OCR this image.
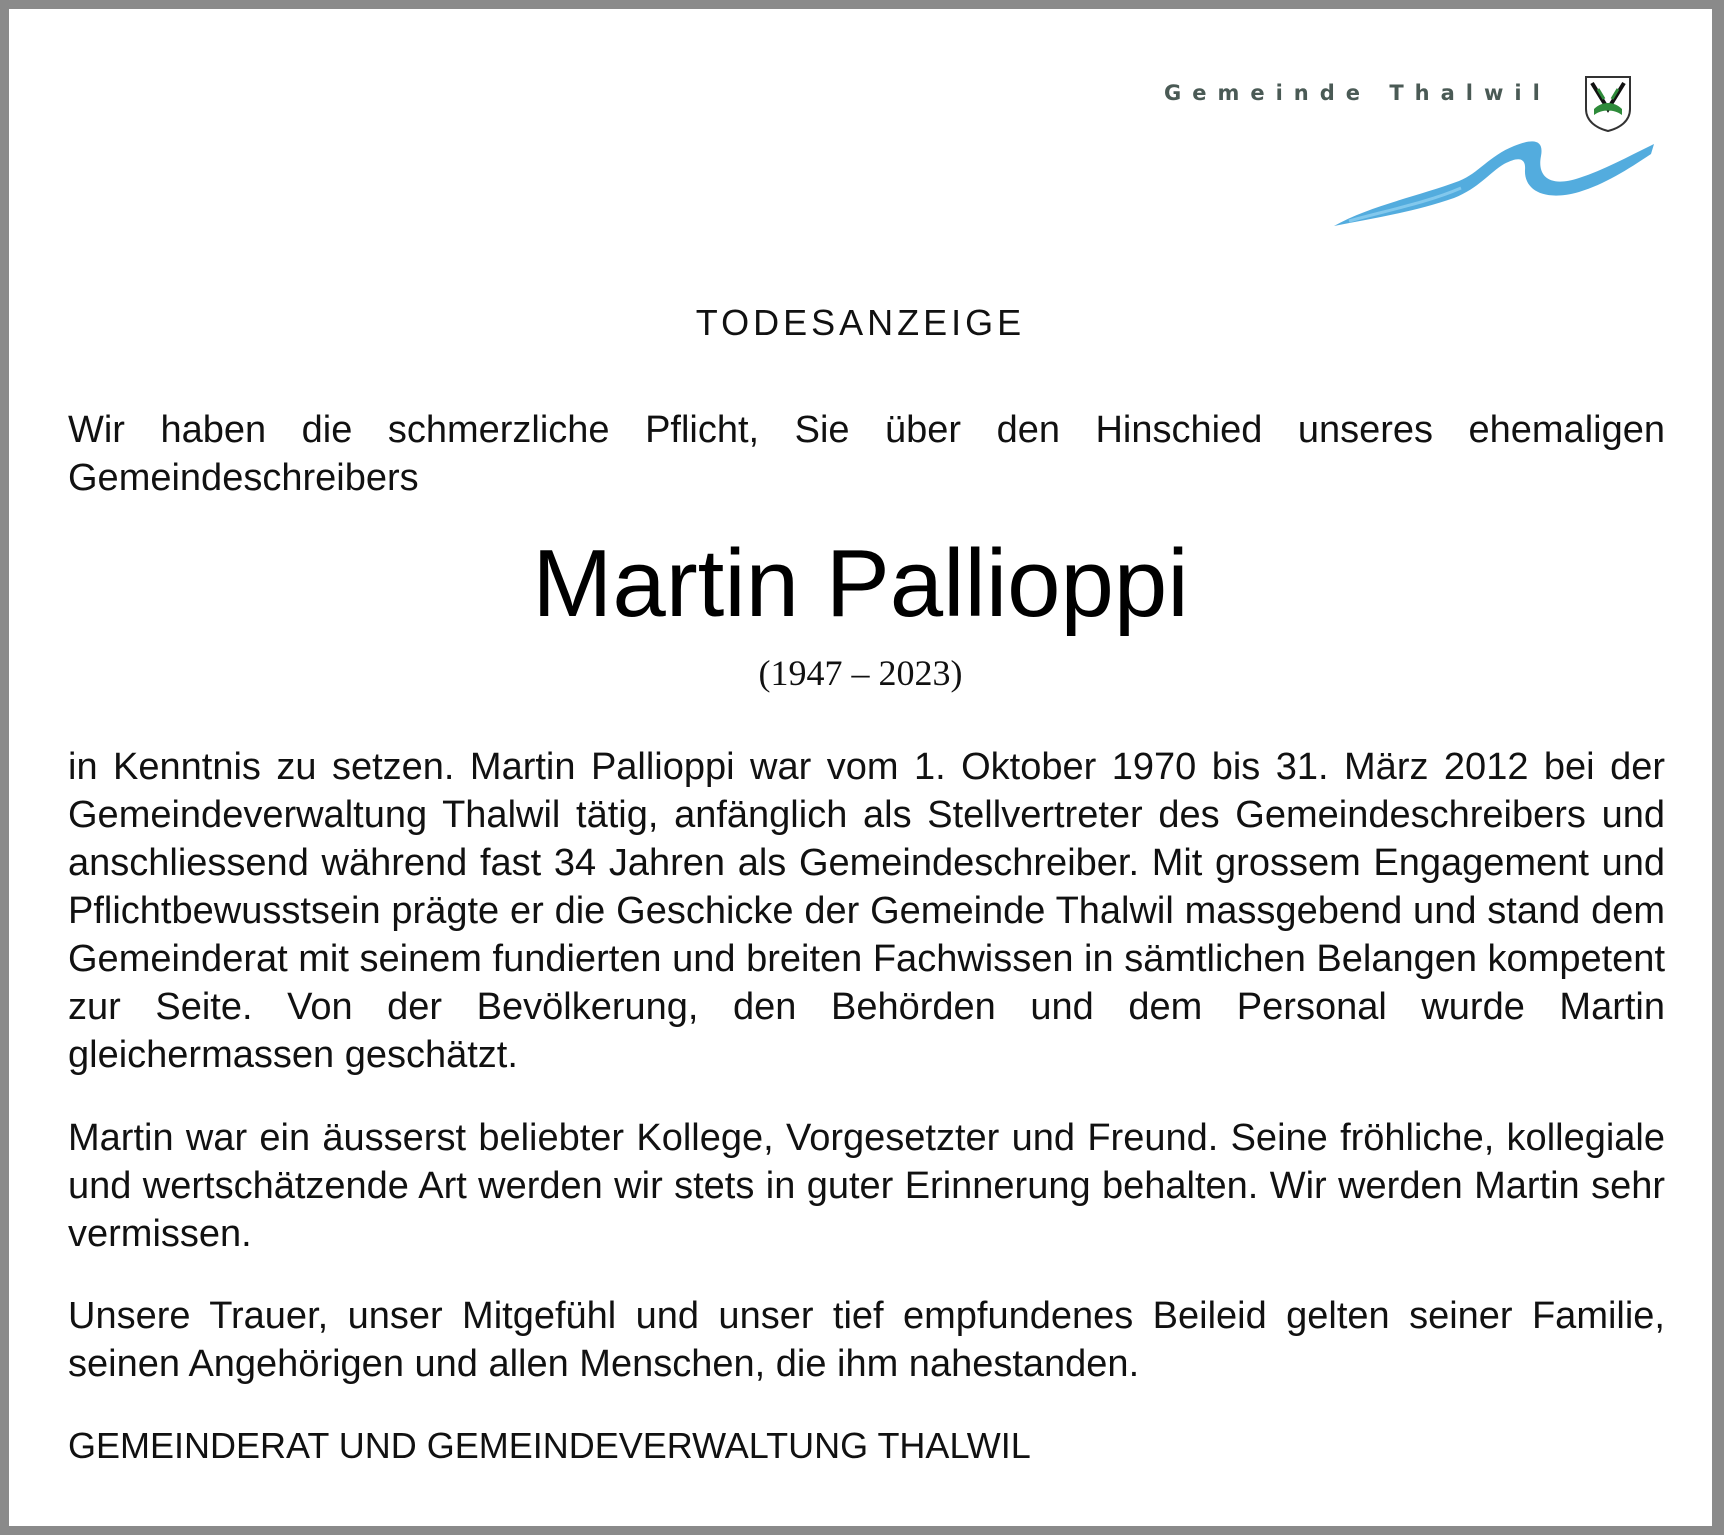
Gemeinde Thalwil
TODESANZEIGE

Wir haben die schmerzliche Pflicht, Sie über den Hinschied unseres ehemaligen Gemeindeschreibers

Martin Pallioppi
(1947 – 2023)

in Kenntnis zu setzen. Martin Pallioppi war vom 1. Oktober 1970 bis 31. März 2012 bei der Gemeindeverwaltung Thalwil tätig, anfänglich als Stellvertreter des Gemeindeschreibers und anschliessend während fast 34 Jahren als Gemeindeschreiber. Mit grossem Engagement und Pflichtbewusstsein prägte er die Geschicke der Gemeinde Thalwil massgebend und stand dem Gemeinderat mit seinem fundierten und breiten Fachwissen in sämtlichen Belangen kompetent zur Seite. Von der Bevölkerung, den Behörden und dem Personal wurde Martin gleichermassen geschätzt.

Martin war ein äusserst beliebter Kollege, Vorgesetzter und Freund. Seine fröhliche, kollegiale und wertschätzende Art werden wir stets in guter Erinnerung behalten. Wir werden Martin sehr vermissen.

Unsere Trauer, unser Mitgefühl und unser tief empfundenes Beileid gelten seiner Familie, seinen Angehörigen und allen Menschen, die ihm nahestanden.

GEMEINDERAT UND GEMEINDEVERWALTUNG THALWIL
